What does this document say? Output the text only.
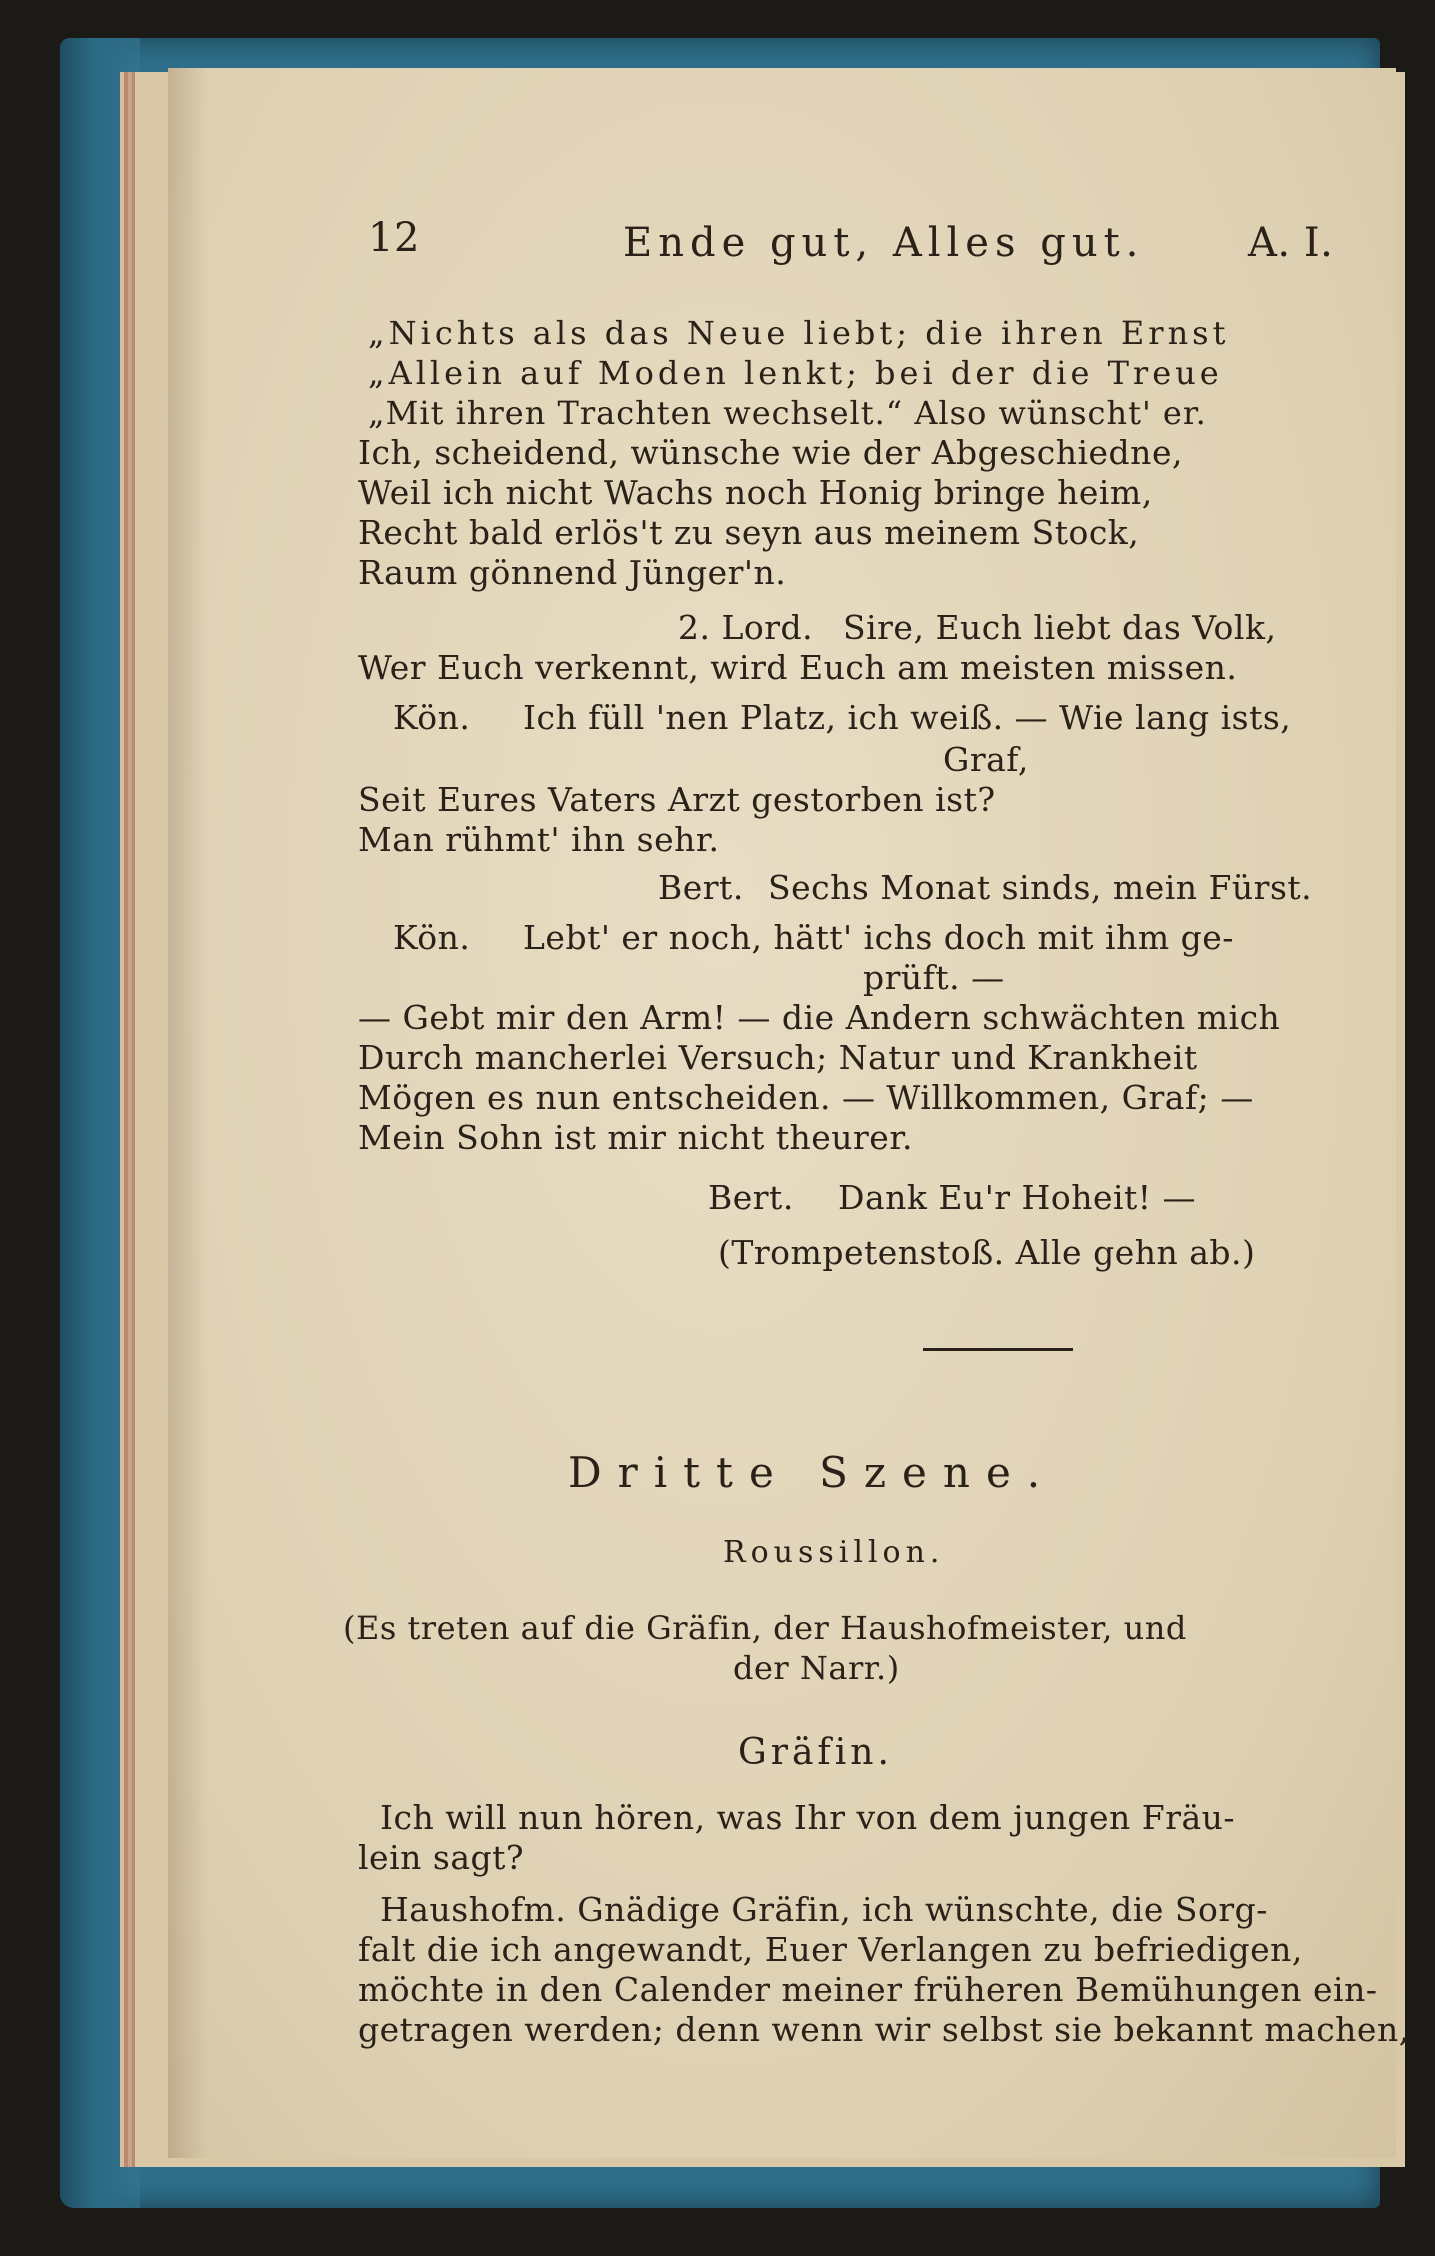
12	Ende gut, Alles gut.	A. I.
„Nichts als das Neue liebt; die ihren Ernst
„Allein auf Moden lenkt; bei der die Treue
„Mit ihren Trachten wechselt.“ Also wünscht' er.
Ich, scheidend, wünsche wie der Abgeschiedne,
Weil ich nicht Wachs noch Honig bringe heim,
Recht bald erlös't zu seyn aus meinem Stock,
Raum gönnend Jünger'n.
2. Lord. Sire, Euch liebt das Volk,
Wer Euch verkennt, wird Euch am meisten missen.
Kön. Ich füll 'nen Platz, ich weiß. — Wie lang ists,
Graf,
Seit Eures Vaters Arzt gestorben ist?
Man rühmt' ihn sehr.
Bert. Sechs Monat sinds, mein Fürst.
Kön. Lebt' er noch, hätt' ichs doch mit ihm ge-
prüft. —
— Gebt mir den Arm! — die Andern schwächten mich
Durch mancherlei Versuch; Natur und Krankheit
Mögen es nun entscheiden. — Willkommen, Graf; —
Mein Sohn ist mir nicht theurer.
Bert. Dank Eu'r Hoheit! —
(Trompetenstoß. Alle gehn ab.)
Dritte Szene.
Roussillon.
(Es treten auf die Gräfin, der Haushofmeister, und
der Narr.)
Gräfin.
Ich will nun hören, was Ihr von dem jungen Fräu-
lein sagt?
Haushofm. Gnädige Gräfin, ich wünschte, die Sorg-
falt die ich angewandt, Euer Verlangen zu befriedigen,
möchte in den Calender meiner früheren Bemühungen ein-
getragen werden; denn wenn wir selbst sie bekannt machen,
